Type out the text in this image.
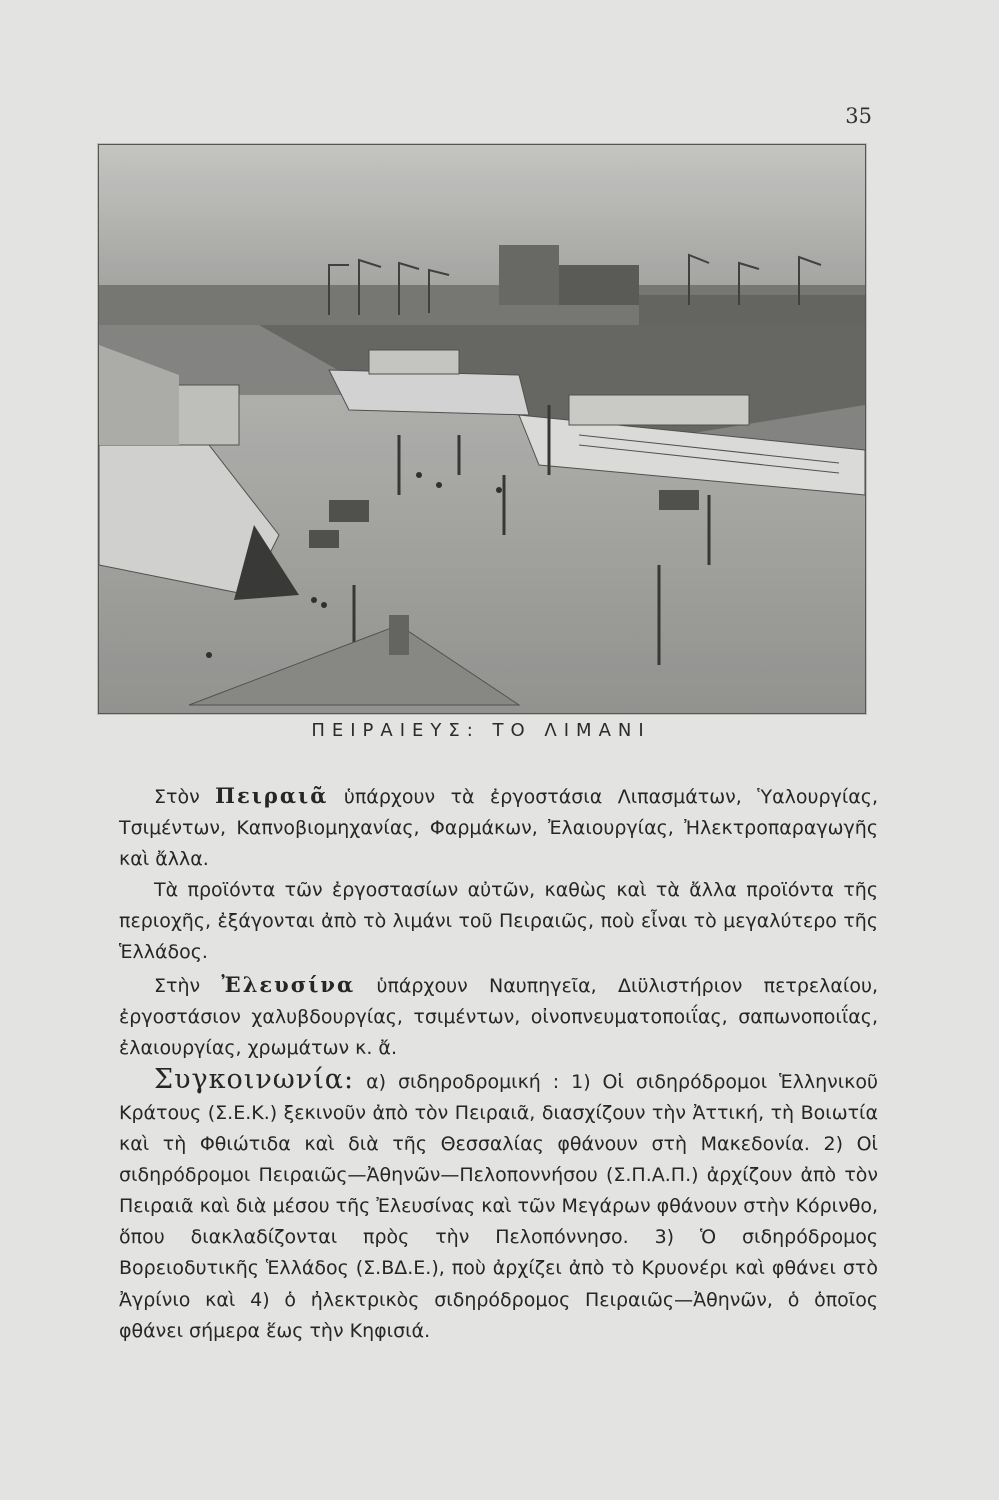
35
ΠΕΙΡΑΙΕΥΣ: ΤΟ ΛΙΜΑΝΙ

Στὸν Πειραιᾶ ὑπάρχουν τὰ ἐργοστάσια Λιπασμάτων, Ὑαλουργίας, Τσιμέντων, Καπνοβιομηχανίας, Φαρμάκων, Ἐλαιουργίας, Ἠλεκτροπαραγωγῆς καὶ ἄλλα.

Τὰ προϊόντα τῶν ἐργοστασίων αὐτῶν, καθὼς καὶ τὰ ἄλλα προϊόντα τῆς περιοχῆς, ἐξάγονται ἀπὸ τὸ λιμάνι τοῦ Πειραιῶς, ποὺ εἶναι τὸ μεγαλύτερο τῆς Ἑλλάδος.

Στὴν Ἐλευσίνα ὑπάρχουν Ναυπηγεῖα, Διϋλιστήριον πετρελαίου, ἐργοστάσιον χαλυβδουργίας, τσιμέντων, οἰνοπνευματοποιΐας, σαπωνοποιΐας, ἐλαιουργίας, χρωμάτων κ. ἄ.

Συγκοινωνία: α) σιδηροδρομική : 1) Οἱ σιδηρόδρομοι Ἑλληνικοῦ Κράτους (Σ.Ε.Κ.) ξεκινοῦν ἀπὸ τὸν Πειραιᾶ, διασχίζουν τὴν Ἀττική, τὴ Βοιωτία καὶ τὴ Φθιώτιδα καὶ διὰ τῆς Θεσσαλίας φθάνουν στὴ Μακεδονία. 2) Οἱ σιδηρόδρομοι Πειραιῶς—Ἀθηνῶν—Πελοποννήσου (Σ.Π.Α.Π.) ἀρχίζουν ἀπὸ τὸν Πειραιᾶ καὶ διὰ μέσου τῆς Ἐλευσίνας καὶ τῶν Μεγάρων φθάνουν στὴν Κόρινθο, ὅπου διακλαδίζονται πρὸς τὴν Πελοπόννησο. 3) Ὁ σιδηρόδρομος Βορειοδυτικῆς Ἑλλάδος (Σ.ΒΔ.Ε.), ποὺ ἀρχίζει ἀπὸ τὸ Κρυονέρι καὶ φθάνει στὸ Ἀγρίνιο καὶ 4) ὁ ἠλεκτρικὸς σιδηρόδρομος Πειραιῶς—Ἀθηνῶν, ὁ ὁποῖος φθάνει σήμερα ἕως τὴν Κηφισιά.
